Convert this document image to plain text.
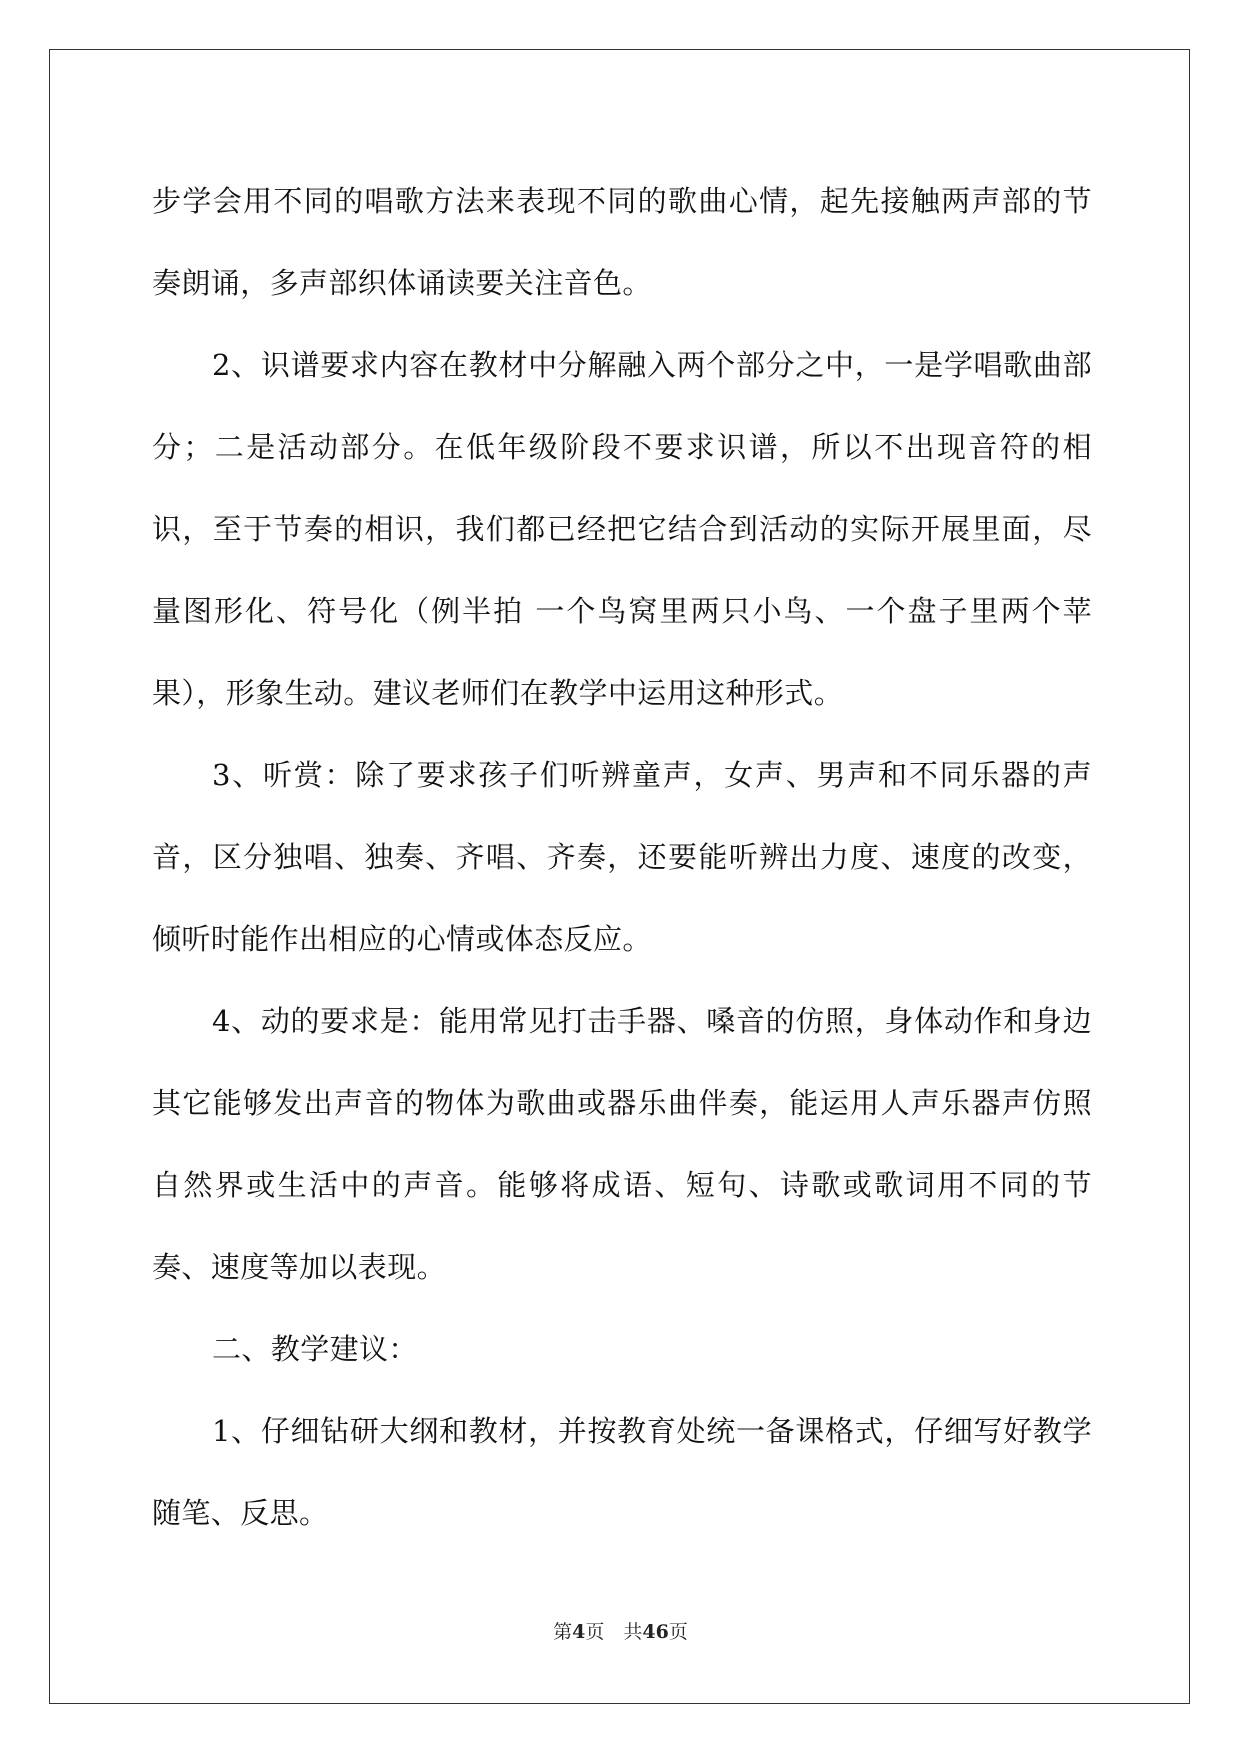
步学会用不同的唱歌方法来表现不同的歌曲心情，起先接触两声部的节奏朗诵，多声部织体诵读要关注音色。

2、识谱要求内容在教材中分解融入两个部分之中，一是学唱歌曲部分；二是活动部分。在低年级阶段不要求识谱，所以不出现音符的相识，至于节奏的相识，我们都已经把它结合到活动的实际开展里面，尽量图形化、符号化（例半拍 一个鸟窝里两只小鸟、一个盘子里两个苹果），形象生动。建议老师们在教学中运用这种形式。

3、听赏：除了要求孩子们听辨童声，女声、男声和不同乐器的声音，区分独唱、独奏、齐唱、齐奏，还要能听辨出力度、速度的改变，倾听时能作出相应的心情或体态反应。

4、动的要求是：能用常见打击手器、嗓音的仿照，身体动作和身边其它能够发出声音的物体为歌曲或器乐曲伴奏，能运用人声乐器声仿照自然界或生活中的声音。能够将成语、短句、诗歌或歌词用不同的节奏、速度等加以表现。

二、教学建议：

1、仔细钻研大纲和教材，并按教育处统一备课格式，仔细写好教学随笔、反思。

第4页　共46页
